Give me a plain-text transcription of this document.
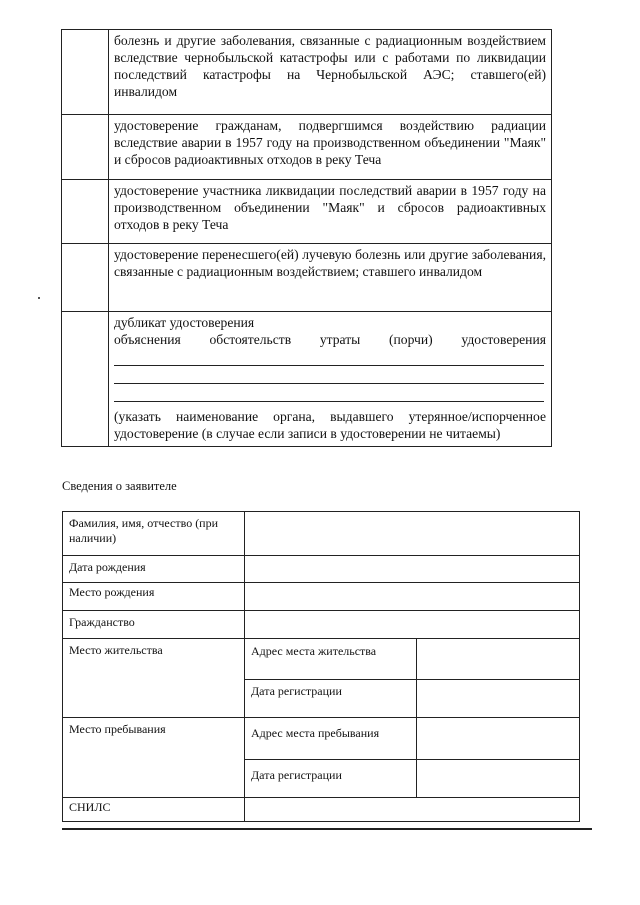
болезнь и другие заболевания, связанные с радиационным воздействием вследствие чернобыльской катастрофы или с работами по ликвидации последствий катастрофы на Чернобыльской АЭС; ставшего(ей) инвалидом
удостоверение гражданам, подвергшимся воздействию радиации вследствие аварии в 1957 году на производственном объединении "Маяк" и сбросов радиоактивных отходов в реку Теча
удостоверение участника ликвидации последствий аварии в 1957 году на производственном объединении "Маяк" и сбросов радиоактивных отходов в реку Теча
удостоверение перенесшего(ей) лучевую болезнь или другие заболевания, связанные с радиационным воздействием; ставшего инвалидом
дубликат удостоверения
объяснения обстоятельств утраты (порчи) удостоверения
(указать наименование органа, выдавшего утерянное/испорченное удостоверение (в случае если записи в удостоверении не читаемы)
Сведения о заявителе
Фамилия, имя, отчество (при наличии)
Дата рождения
Место рождения
Гражданство
Место жительства	Адрес места жительства
Дата регистрации
Место пребывания	Адрес места пребывания
Дата регистрации
СНИЛС
